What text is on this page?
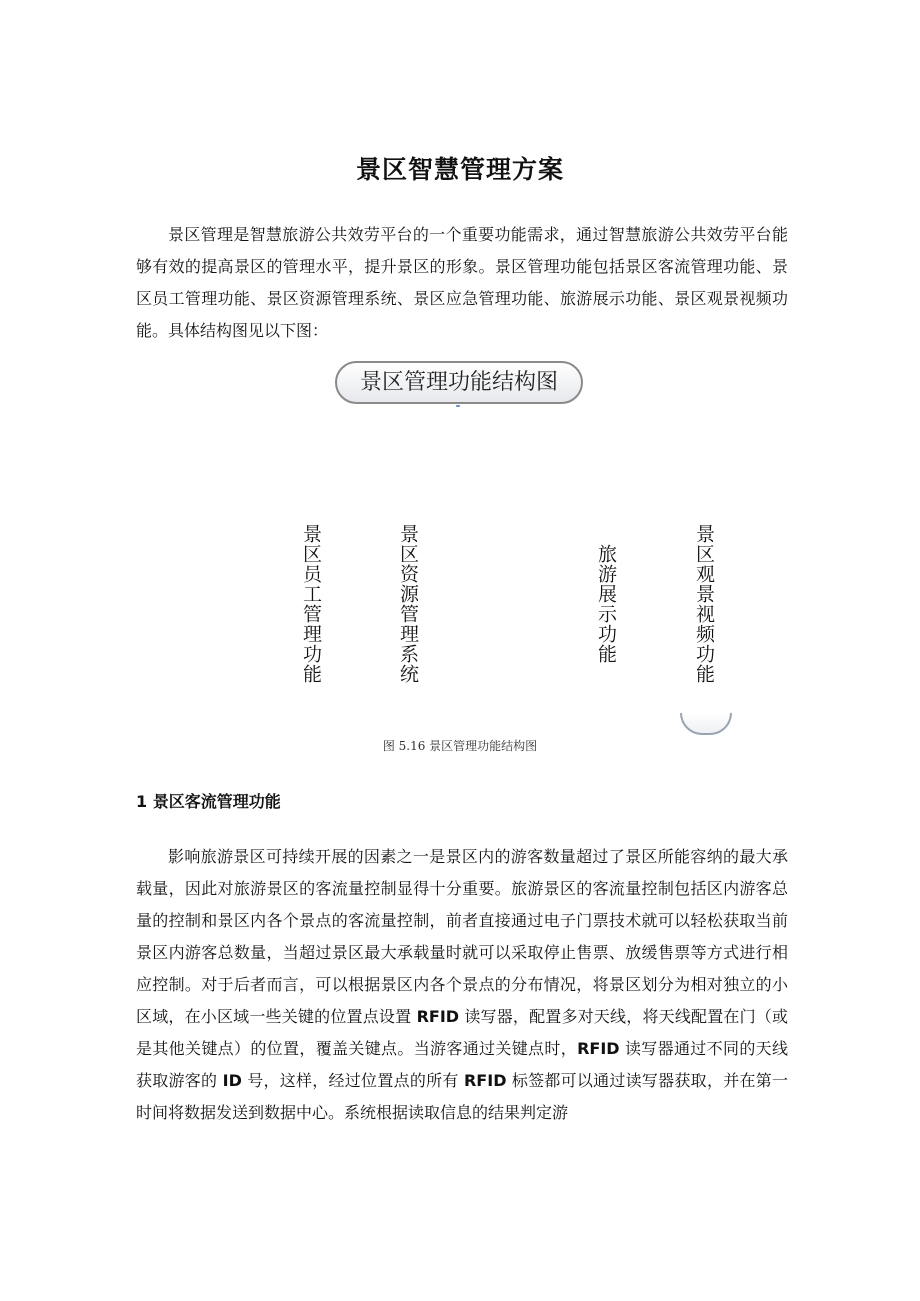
景区智慧管理方案
景区管理是智慧旅游公共效劳平台的一个重要功能需求，通过智慧旅游公共效劳平台能够有效的提高景区的管理水平，提升景区的形象。景区管理功能包括景区客流管理功能、景区员工管理功能、景区资源管理系统、景区应急管理功能、旅游展示功能、景区观景视频功能。具体结构图见以下图：
景区管理功能结构图
景区员工管理功能	景区资源管理系统	旅游展示功能	景区观景视频功能
图 5.16 景区管理功能结构图
1 景区客流管理功能
影响旅游景区可持续开展的因素之一是景区内的游客数量超过了景区所能容纳的最大承载量，因此对旅游景区的客流量控制显得十分重要。旅游景区的客流量控制包括区内游客总量的控制和景区内各个景点的客流量控制，前者直接通过电子门票技术就可以轻松获取当前景区内游客总数量，当超过景区最大承载量时就可以采取停止售票、放缓售票等方式进行相应控制。对于后者而言，可以根据景区内各个景点的分布情况，将景区划分为相对独立的小区域，在小区域一些关键的位置点设置 RFID 读写器，配置多对天线，将天线配置在门（或是其他关键点）的位置，覆盖关键点。当游客通过关键点时，RFID 读写器通过不同的天线获取游客的 ID 号，这样，经过位置点的所有 RFID 标签都可以通过读写器获取，并在第一时间将数据发送到数据中心。系统根据读取信息的结果判定游
